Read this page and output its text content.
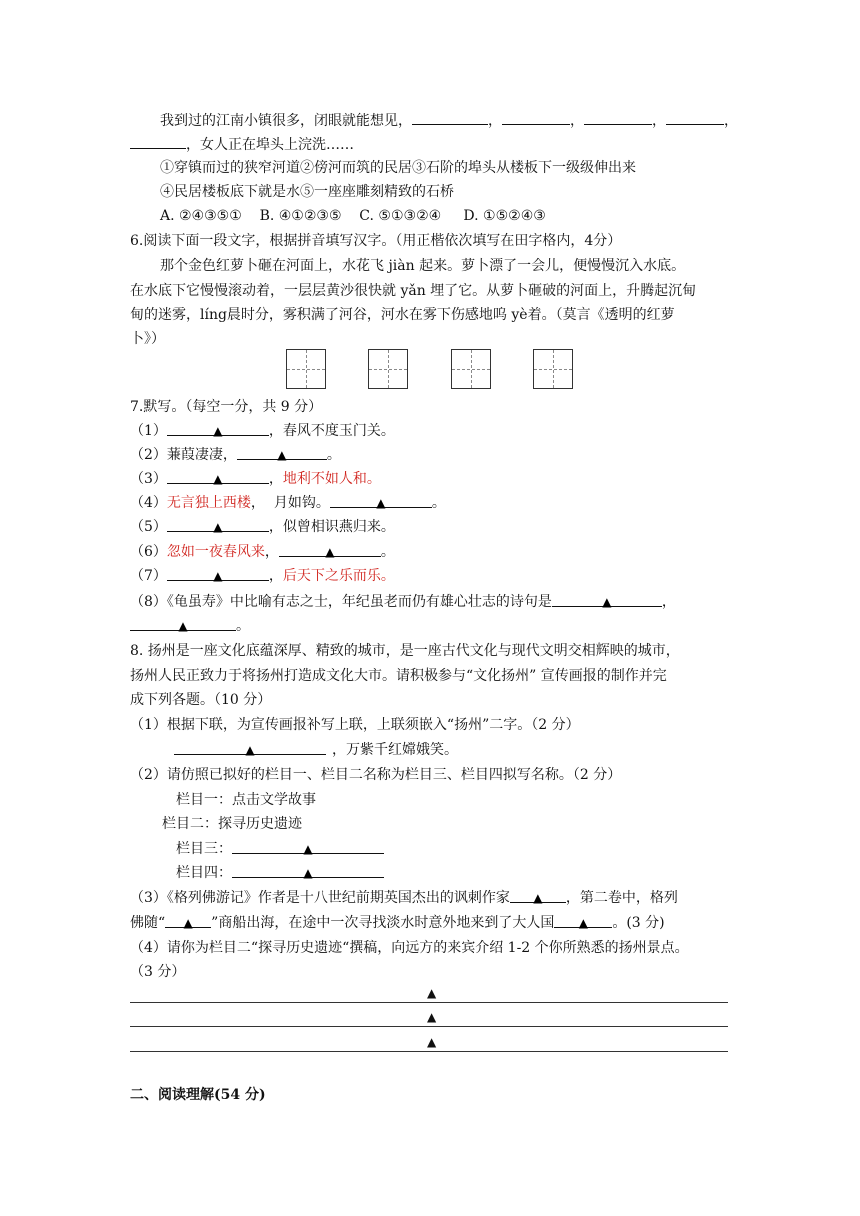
我到过的江南小镇很多，闭眼就能想见，	，	，	，	，
，女人正在埠头上浣洗……
①穿镇而过的狭窄河道②傍河而筑的民居③石阶的埠头从楼板下一级级伸出来
④民居楼板底下就是水⑤一座座雕刻精致的石桥
A. ②④③⑤①    B. ④①②③⑤    C. ⑤①③②④     D. ①⑤②④③
6.阅读下面一段文字，根据拼音填写汉字。（用正楷依次填写在田字格内，4分）
那个金色红萝卜砸在河面上，水花飞 jiàn 起来。萝卜漂了一会儿，便慢慢沉入水底。
在水底下它慢慢滚动着，一层层黄沙很快就 yǎn 埋了它。从萝卜砸破的河面上，升腾起沉甸
甸的迷雾，líng晨时分，雾积满了河谷，河水在雾下伤感地呜 yè着。（莫言《透明的红萝
卜》）
7.默写。（每空一分，共 9 分）
（1）	▲	，春风不度玉门关。
（2）蒹葭凄凄，	▲	。
（3）	▲	，地利不如人和。
（4）无言独上西楼，  月如钩。	▲	。
（5）	▲	，似曾相识燕归来。
（6）忽如一夜春风来，	▲	。
（7）	▲	，后天下之乐而乐。
（8）《龟虽寿》中比喻有志之士，年纪虽老而仍有雄心壮志的诗句是	▲	，
▲	。
8. 扬州是一座文化底蕴深厚、精致的城市，是一座古代文化与现代文明交相辉映的城市，
扬州人民正致力于将扬州打造成文化大市。请积极参与“文化扬州” 宣传画报的制作并完
成下列各题。（10 分）
（1）根据下联，为宣传画报补写上联，上联须嵌入“扬州”二字。（2 分）
▲	，万紫千红嫦娥笑。
（2）请仿照已拟好的栏目一、栏目二名称为栏目三、栏目四拟写名称。（2 分）
栏目一：点击文学故事
栏目二：探寻历史遗迹
栏目三：	▲
栏目四：	▲
（3）《格列佛游记》作者是十八世纪前期英国杰出的讽刺作家 ▲ ，第二卷中，格列
佛随“ ▲ ”商船出海，在途中一次寻找淡水时意外地来到了大人国 ▲ 。(3 分)
（4）请你为栏目二“探寻历史遗迹“撰稿，向远方的来宾介绍 1-2 个你所熟悉的扬州景点。
（3 分）
▲
▲
▲
二、阅读理解(54 分)
